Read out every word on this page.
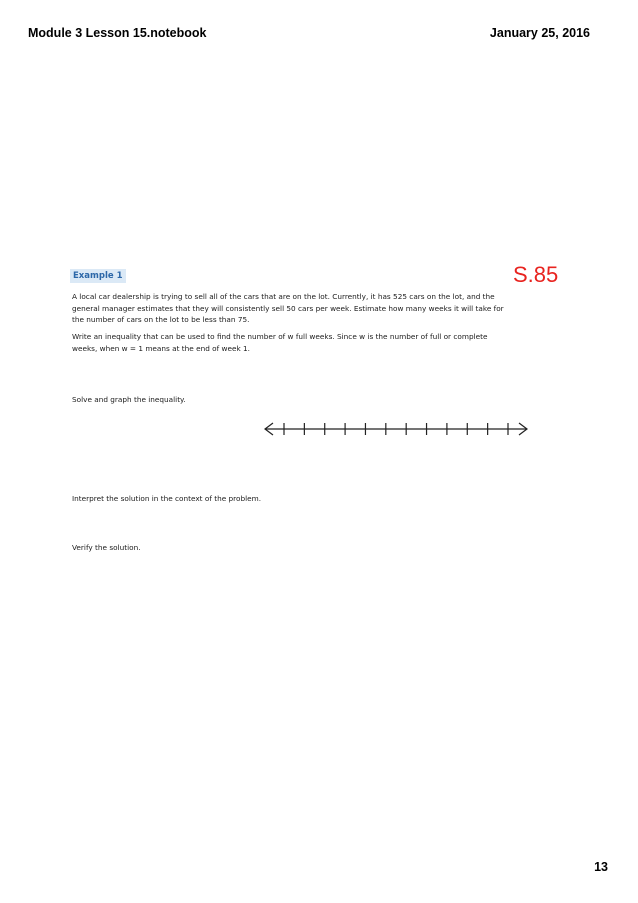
Module 3 Lesson 15.notebook	January 25, 2016
S.85
Example 1
A local car dealership is trying to sell all of the cars that are on the lot. Currently, it has 525 cars on the lot, and the general manager estimates that they will consistently sell 50 cars per week. Estimate how many weeks it will take for the number of cars on the lot to be less than 75.
Write an inequality that can be used to find the number of w full weeks. Since w is the number of full or complete weeks, when w = 1 means at the end of week 1.
Solve and graph the inequality.
Interpret the solution in the context of the problem.
Verify the solution.
13
